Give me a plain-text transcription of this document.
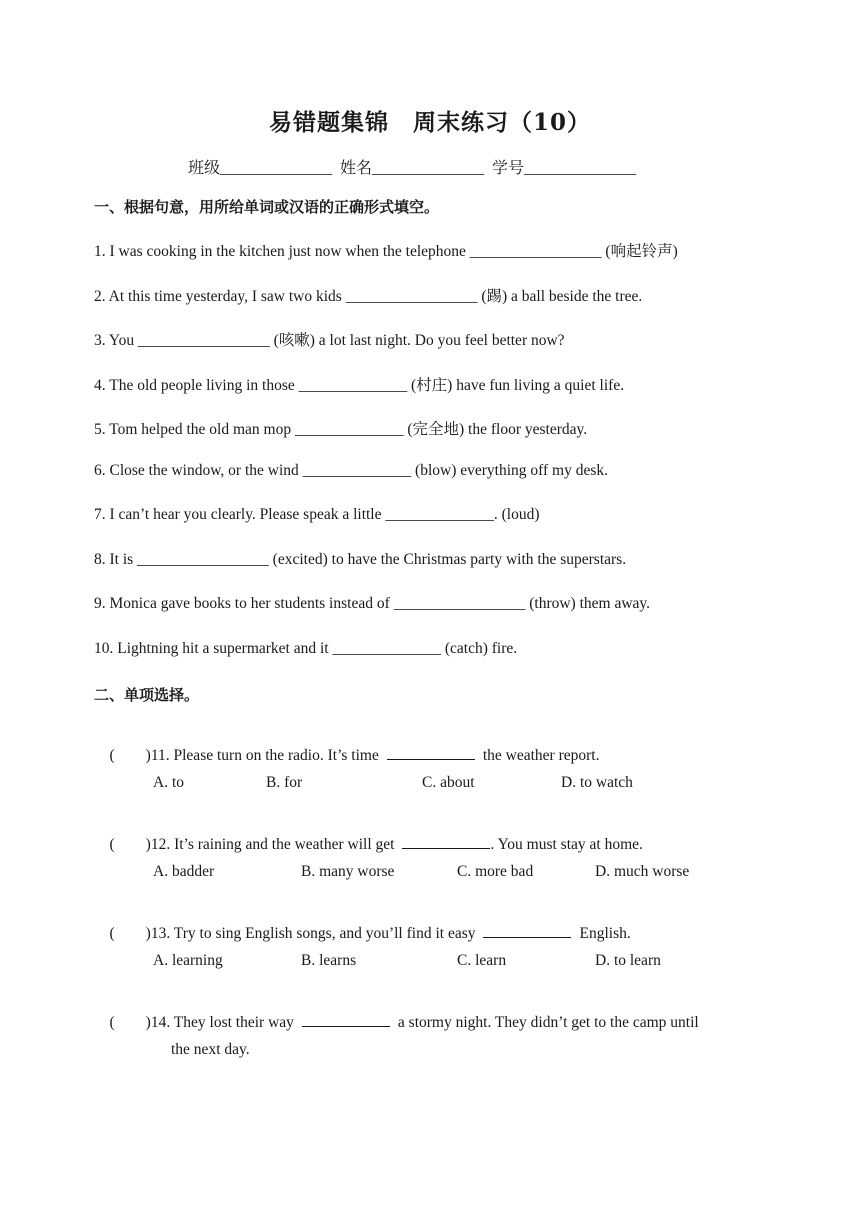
易错题集锦　周末练习（10）
班级______________  姓名______________  学号______________
一、根据句意，用所给单词或汉语的正确形式填空。
1. I was cooking in the kitchen just now when the telephone _________________ (响起铃声)
2. At this time yesterday, I saw two kids _________________ (踢) a ball beside the tree.
3. You _________________ (咳嗽) a lot last night. Do you feel better now?
4. The old people living in those ______________ (村庄) have fun living a quiet life.
5. Tom helped the old man mop ______________ (完全地) the floor yesterday.
6. Close the window, or the wind ______________ (blow) everything off my desk.
7. I can’t hear you clearly. Please speak a little ______________. (loud)
8. It is _________________ (excited) to have the Christmas party with the superstars.
9. Monica gave books to her students instead of _________________ (throw) them away.
10. Lightning hit a supermarket and it ______________ (catch) fire.
二、单项选择。

(        )11. Please turn on the radio. It’s time	the weather report.

A. to	B. for	C. about	D. to watch

(        )12. It’s raining and the weather will get	. You must stay at home.

A. badder	B. many worse	C. more bad	D. much worse

(        )13. Try to sing English songs, and you’ll find it easy	English.

A. learning	B. learns	C. learn	D. to learn

(        )14. They lost their way	a stormy night. They didn’t get to the camp until

the next day.
